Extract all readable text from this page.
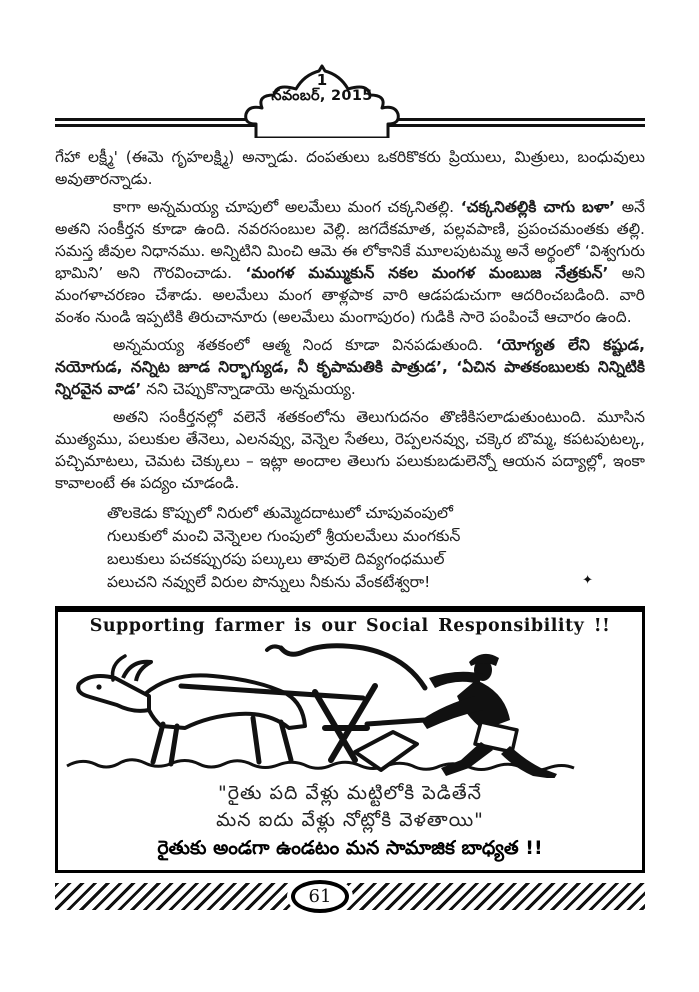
1
నవంబర్, 2015

గేహా లక్ష్మీ' (ఈమె గృహలక్ష్మి) అన్నాడు. దంపతులు ఒకరికొకరు ప్రియులు, మిత్రులు, బంధువులు అవుతారన్నాడు.

కాగా అన్నమయ్య చూపులో అలమేలు మంగ చక్కనితల్లి. ‘చక్కనితల్లికి చాగు బళా’ అనే అతని సంకీర్తన కూడా ఉంది. నవరసంబుల వెల్లి. జగదేకమాత, పల్లవపాణి, ప్రపంచమంతకు తల్లి. సమస్త జీవుల నిధానము. అన్నిటిని మించి ఆమె ఈ లోకానికే మూలపుటమ్మ అనే అర్థంలో ‘విశ్వగురు భామిని’ అని గౌరవించాడు. ‘మంగళ మమ్ముకున్ నకల మంగళ మంబుజ నేత్రకున్’ అని మంగళాచరణం చేశాడు. అలమేలు మంగ తాళ్లపాక వారి ఆడపడుచుగా ఆదరించబడింది. వారి వంశం నుండి ఇప్పటికి తిరుచానూరు (అలమేలు మంగాపురం) గుడికి సారె పంపించే ఆచారం ఉంది.

అన్నమయ్య శతకంలో ఆత్మ నింద కూడా వినపడుతుంది. ‘యోగ్యత లేని కష్టుడ, నయోగుడ, నన్నిట జూడ నిర్భాగ్యుడ, నీ కృపామతికి పాత్రుడ’, ‘ఏచిన పాతకంబులకు నిన్నిటికి న్నిరవైన వాడ’ నని చెప్పుకొన్నాడాయె అన్నమయ్య.

అతని సంకీర్తనల్లో వలెనే శతకంలోను తెలుగుదనం తొణికిసలాడుతుంటుంది. మూసిన ముత్యము, పలుకుల తేనెలు, ఎలనవ్వు, వెన్నెల సేతలు, రెప్పలనవ్వు, చక్కెర బొమ్మ, కపటపుటల్క, పచ్చిమాటలు, చెమట చెక్కులు – ఇట్లా అందాల తెలుగు పలుకుబడులెన్నో ఆయన పద్యాల్లో, ఇంకా కావాలంటే ఈ పద్యం చూడండి.

తొలకెడు కొప్పులో నిరులో తుమ్మెదదాటులో చూపువంపులో
గులుకులో మంచి వెన్నెలల గుంపులో శ్రీయలమేలు మంగకున్
బలుకులు పచకప్పురపు పల్కులు తావులె దివ్యగంధముల్
పలుచని నవ్వులే విరుల పొన్నులు నీకును వేంకటేశ్వరా!	✦
Supporting farmer is our Social Responsibility !!
"రైతు పది వేళ్లు మట్టిలోకి పెడితేనే
మన ఐదు వేళ్లు నోట్లోకి వెళతాయి"
రైతుకు అండగా ఉండటం మన సామాజిక బాధ్యత !!
61
